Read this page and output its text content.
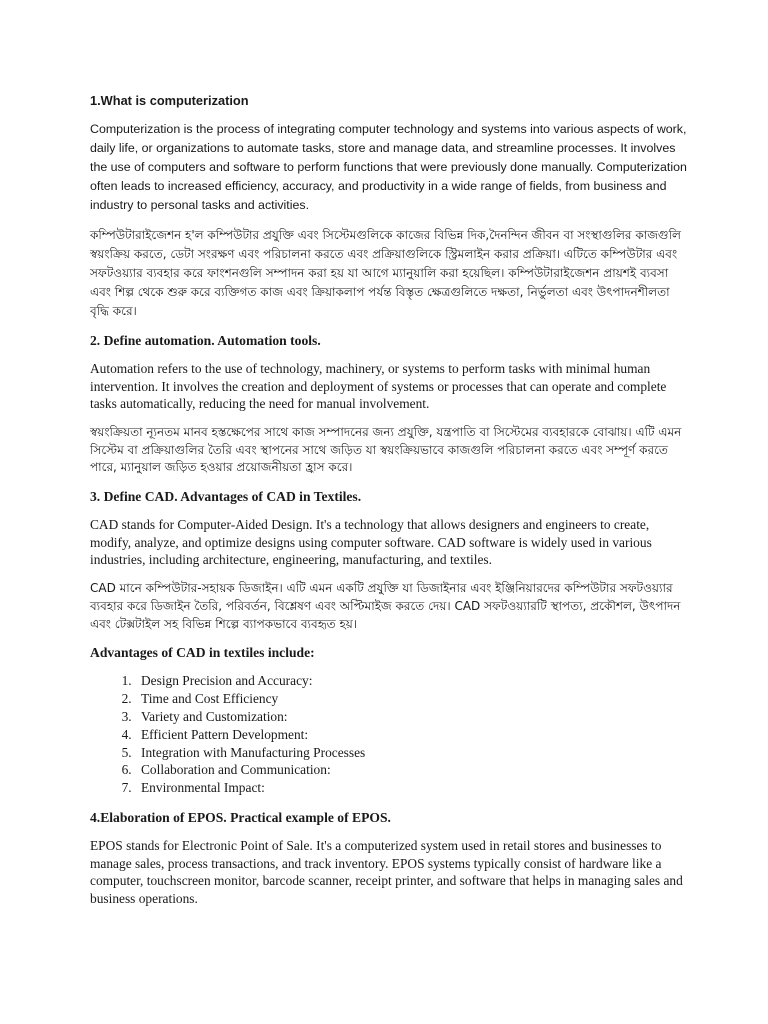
1.What is computerization

Computerization is the process of integrating computer technology and systems into various aspects of work, daily life, or organizations to automate tasks, store and manage data, and streamline processes. It involves the use of computers and software to perform functions that were previously done manually. Computerization often leads to increased efficiency, accuracy, and productivity in a wide range of fields, from business and industry to personal tasks and activities.

কম্পিউটারাইজেশন হ'ল কম্পিউটার প্রযুক্তি এবং সিস্টেমগুলিকে কাজের বিভিন্ন দিক,দৈনন্দিন জীবন বা সংস্থাগুলির কাজগুলি স্বয়ংক্রিয় করতে, ডেটা সংরক্ষণ এবং পরিচালনা করতে এবং প্রক্রিয়াগুলিকে স্ট্রিমলাইন করার প্রক্রিয়া। এটিতে কম্পিউটার এবং সফটওয়্যার ব্যবহার করে ফাংশনগুলি সম্পাদন করা হয় যা আগে ম্যানুয়ালি করা হয়েছিল। কম্পিউটারাইজেশন প্রায়শই ব্যবসা এবং শিল্প থেকে শুরু করে ব্যক্তিগত কাজ এবং ক্রিয়াকলাপ পর্যন্ত বিস্তৃত ক্ষেত্রগুলিতে দক্ষতা, নির্ভুলতা এবং উৎপাদনশীলতা বৃদ্ধি করে।

2. Define automation. Automation tools.

Automation refers to the use of technology, machinery, or systems to perform tasks with minimal human intervention. It involves the creation and deployment of systems or processes that can operate and complete tasks automatically, reducing the need for manual involvement.

স্বয়ংক্রিয়তা ন্যূনতম মানব হস্তক্ষেপের সাথে কাজ সম্পাদনের জন্য প্রযুক্তি, যন্ত্রপাতি বা সিস্টেমের ব্যবহারকে বোঝায়। এটি এমন সিস্টেম বা প্রক্রিয়াগুলির তৈরি এবং স্থাপনের সাথে জড়িত যা স্বয়ংক্রিয়ভাবে কাজগুলি পরিচালনা করতে এবং সম্পূর্ণ করতে পারে, ম্যানুয়াল জড়িত হওয়ার প্রয়োজনীয়তা হ্রাস করে।

3. Define CAD. Advantages of CAD in Textiles.

CAD stands for Computer-Aided Design. It's a technology that allows designers and engineers to create, modify, analyze, and optimize designs using computer software. CAD software is widely used in various industries, including architecture, engineering, manufacturing, and textiles.

CAD মানে কম্পিউটার-সহায়ক ডিজাইন। এটি এমন একটি প্রযুক্তি যা ডিজাইনার এবং ইঞ্জিনিয়ারদের কম্পিউটার সফটওয়্যার ব্যবহার করে ডিজাইন তৈরি, পরিবর্তন, বিশ্লেষণ এবং অপ্টিমাইজ করতে দেয়। CAD সফটওয়্যারটি স্থাপত্য, প্রকৌশল, উৎপাদন এবং টেক্সটাইল সহ বিভিন্ন শিল্পে ব্যাপকভাবে ব্যবহৃত হয়।

Advantages of CAD in textiles include:
1. Design Precision and Accuracy:
2. Time and Cost Efficiency
3. Variety and Customization:
4. Efficient Pattern Development:
5. Integration with Manufacturing Processes
6. Collaboration and Communication:
7. Environmental Impact:
4.Elaboration of EPOS. Practical example of EPOS.

EPOS stands for Electronic Point of Sale. It's a computerized system used in retail stores and businesses to manage sales, process transactions, and track inventory. EPOS systems typically consist of hardware like a computer, touchscreen monitor, barcode scanner, receipt printer, and software that helps in managing sales and business operations.
